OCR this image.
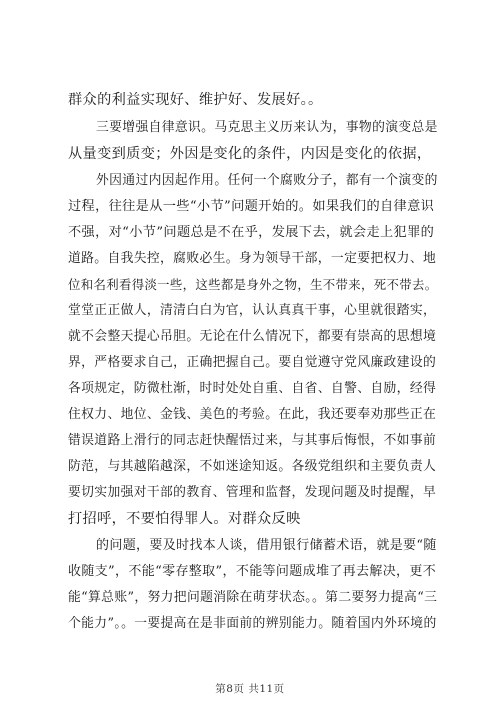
群众的利益实现好、维护好、发展好。。
三要增强自律意识。马克思主义历来认为，事物的演变总是
从量变到质变；外因是变化的条件，内因是变化的依据，
外因通过内因起作用。任何一个腐败分子，都有一个演变的
过程，往往是从一些“小节”问题开始的。如果我们的自律意识
不强，对“小节”问题总是不在乎，发展下去，就会走上犯罪的
道路。自我失控，腐败必生。身为领导干部，一定要把权力、地
位和名利看得淡一些，这些都是身外之物，生不带来，死不带去。
堂堂正正做人，清清白白为官，认认真真干事，心里就很踏实，
就不会整天提心吊胆。无论在什么情况下，都要有崇高的思想境
界，严格要求自己，正确把握自己。要自觉遵守党风廉政建设的
各项规定，防微杜渐，时时处处自重、自省、自警、自励，经得
住权力、地位、金钱、美色的考验。在此，我还要奉劝那些正在
错误道路上滑行的同志赶快醒悟过来，与其事后悔恨，不如事前
防范，与其越陷越深，不如迷途知返。各级党组织和主要负责人
要切实加强对干部的教育、管理和监督，发现问题及时提醒，早
打招呼，不要怕得罪人。对群众反映
的问题，要及时找本人谈，借用银行储蓄术语，就是要“随
收随支”，不能“零存整取”，不能等问题成堆了再去解决，更不
能“算总账”，努力把问题消除在萌芽状态。。第二要努力提高“三
个能力”。。一要提高在是非面前的辨别能力。随着国内外环境的
第8页 共11页
